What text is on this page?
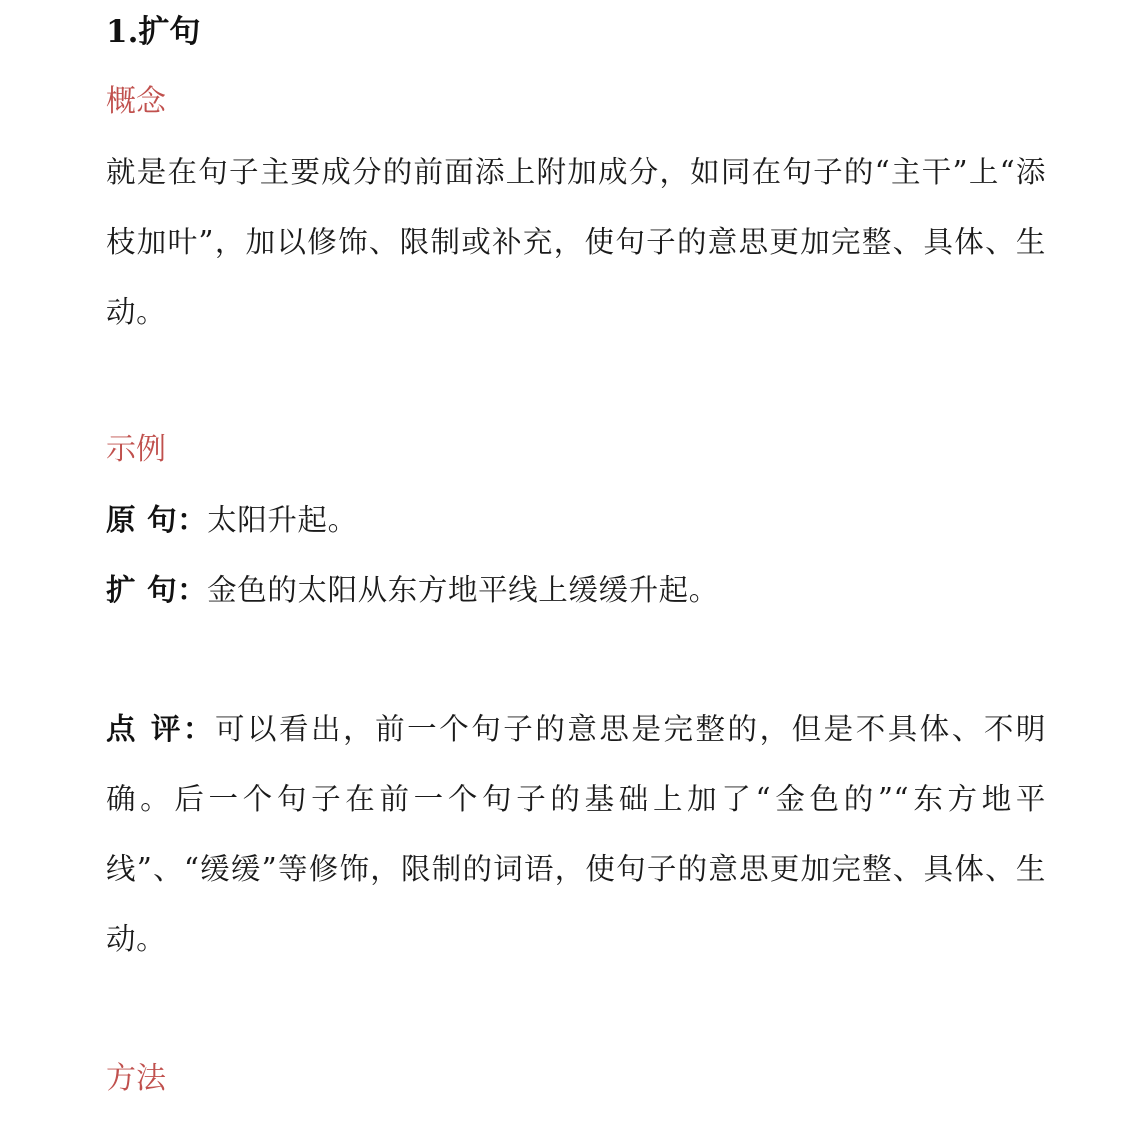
1.扩句
概念
就是在句子主要成分的前面添上附加成分，如同在句子的“主干”上“添枝加叶”，加以修饰、限制或补充，使句子的意思更加完整、具体、生动。
示例
原 句：太阳升起。
扩 句：金色的太阳从东方地平线上缓缓升起。
点 评：可以看出，前一个句子的意思是完整的，但是不具体、不明确。后一个句子在前一个句子的基础上加了“金色的”“东方地平线”、“缓缓”等修饰，限制的词语，使句子的意思更加完整、具体、生动。
方法
